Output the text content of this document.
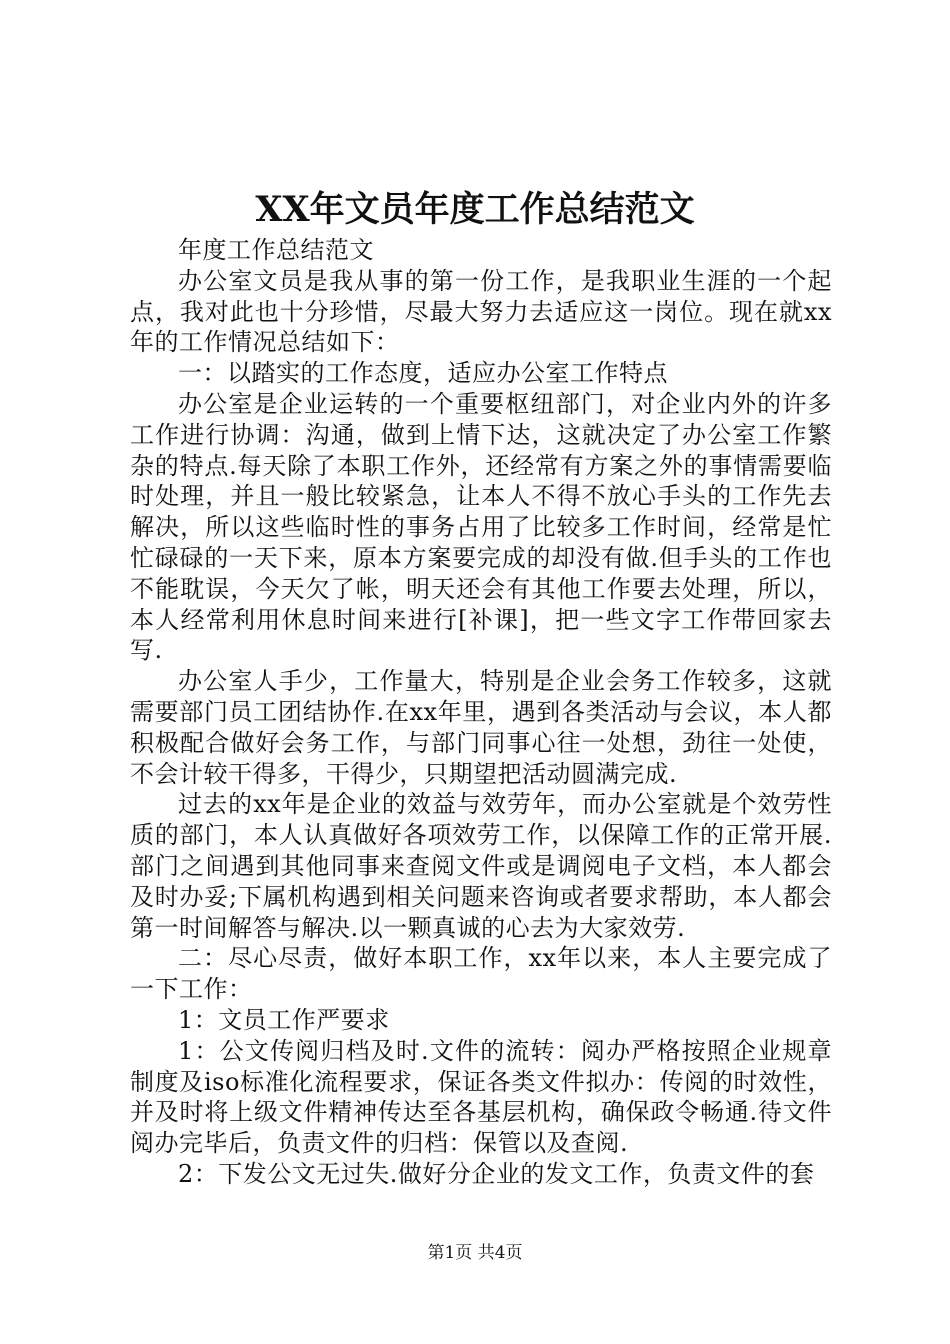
XX年文员年度工作总结范文

年度工作总结范文

办公室文员是我从事的第一份工作，是我职业生涯的一个起点，我对此也十分珍惜，尽最大努力去适应这一岗位。现在就xx年的工作情况总结如下：

一：以踏实的工作态度，适应办公室工作特点

办公室是企业运转的一个重要枢纽部门，对企业内外的许多工作进行协调：沟通，做到上情下达，这就决定了办公室工作繁杂的特点.每天除了本职工作外，还经常有方案之外的事情需要临时处理，并且一般比较紧急，让本人不得不放心手头的工作先去解决，所以这些临时性的事务占用了比较多工作时间，经常是忙忙碌碌的一天下来，原本方案要完成的却没有做.但手头的工作也不能耽误，今天欠了帐，明天还会有其他工作要去处理，所以，本人经常利用休息时间来进行[补课]，把一些文字工作带回家去写.

办公室人手少，工作量大，特别是企业会务工作较多，这就需要部门员工团结协作.在xx年里，遇到各类活动与会议，本人都积极配合做好会务工作，与部门同事心往一处想，劲往一处使，不会计较干得多，干得少，只期望把活动圆满完成.

过去的xx年是企业的效益与效劳年，而办公室就是个效劳性质的部门，本人认真做好各项效劳工作，以保障工作的正常开展.部门之间遇到其他同事来查阅文件或是调阅电子文档，本人都会及时办妥;下属机构遇到相关问题来咨询或者要求帮助，本人都会第一时间解答与解决.以一颗真诚的心去为大家效劳.

二：尽心尽责，做好本职工作，xx年以来，本人主要完成了一下工作：

1：文员工作严要求

1：公文传阅归档及时.文件的流转：阅办严格按照企业规章制度及iso标准化流程要求，保证各类文件拟办：传阅的时效性，并及时将上级文件精神传达至各基层机构，确保政令畅通.待文件阅办完毕后，负责文件的归档：保管以及查阅.

2：下发公文无过失.做好分企业的发文工作，负责文件的套

第1页 共4页
